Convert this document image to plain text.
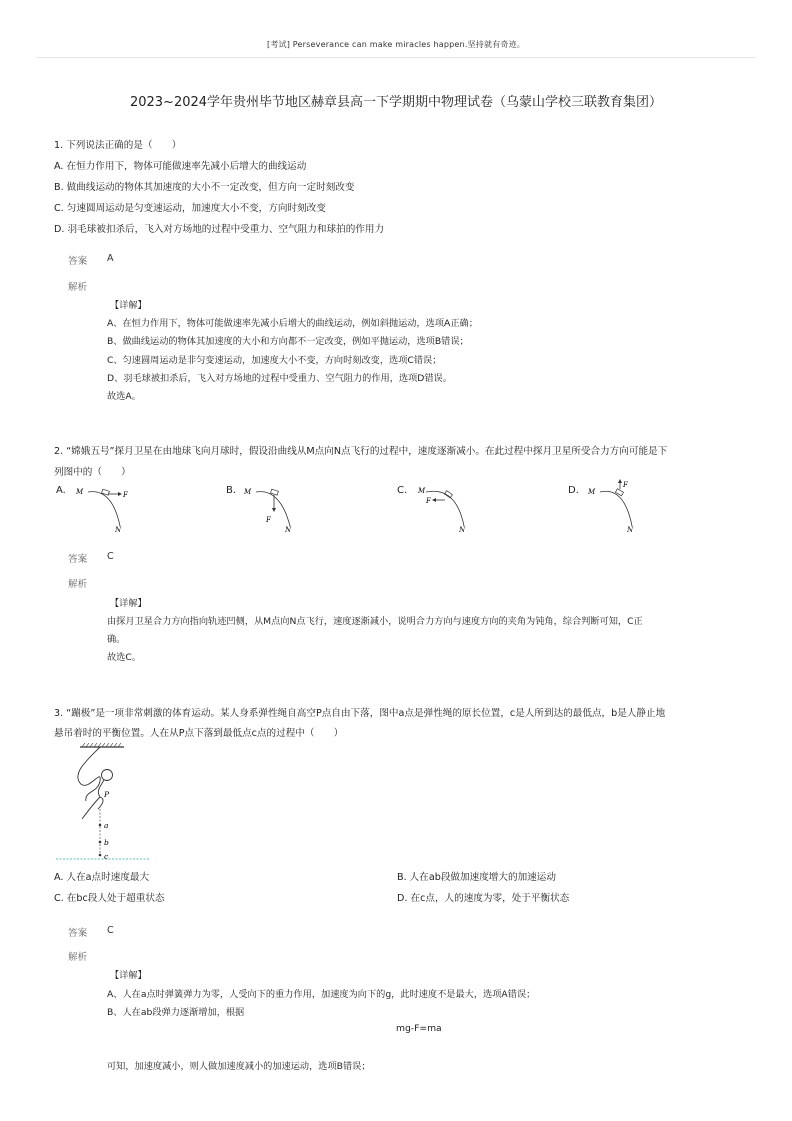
[考试] Perseverance can make miracles happen.坚持就有奇迹。
2023~2024学年贵州毕节地区赫章县高一下学期期中物理试卷（乌蒙山学校三联教育集团）
1. 下列说法正确的是（　　）
A. 在恒力作用下，物体可能做速率先减小后增大的曲线运动
B. 做曲线运动的物体其加速度的大小不一定改变，但方向一定时刻改变
C. 匀速圆周运动是匀变速运动，加速度大小不变，方向时刻改变
D. 羽毛球被扣杀后，飞入对方场地的过程中受重力、空气阻力和球拍的作用力
答案 A
解析
【详解】
A、在恒力作用下，物体可能做速率先减小后增大的曲线运动，例如斜抛运动，选项A正确；
B、做曲线运动的物体其加速度的大小和方向都不一定改变，例如平抛运动，选项B错误；
C、匀速圆周运动是非匀变速运动，加速度大小不变，方向时刻改变，选项C错误；
D、羽毛球被扣杀后，飞入对方场地的过程中受重力、空气阻力的作用，选项D错误。
故选A。
2. “嫦娥五号”探月卫星在由地球飞向月球时，假设沿曲线从M点向N点飞行的过程中，速度逐渐减小。在此过程中探月卫星所受合力方向可能是下
列图中的（　　）
A. M	F
N
B. M
F
N
C. M
F
N
D. M
F
N
答案 C
解析
【详解】
由探月卫星合力方向指向轨迹凹侧，从M点向N点飞行，速度逐渐减小，说明合力方向与速度方向的夹角为钝角，综合判断可知，C正
确。
故选C。
3. “蹦极”是一项非常刺激的体育运动。某人身系弹性绳自高空P点自由下落，图中a点是弹性绳的原长位置，c是人所到达的最低点，b是人静止地
悬吊着时的平衡位置。人在从P点下落到最低点c点的过程中（　　）
P
a
b
c
A. 人在a点时速度最大	B. 人在ab段做加速度增大的加速运动
C. 在bc段人处于超重状态	D. 在c点，人的速度为零，处于平衡状态
答案 C
解析
【详解】
A、人在a点时弹簧弹力为零，人受向下的重力作用，加速度为向下的g，此时速度不是最大，选项A错误；
B、人在ab段弹力逐渐增加，根据
mg-F=ma
可知，加速度减小，则人做加速度减小的加速运动，选项B错误；
